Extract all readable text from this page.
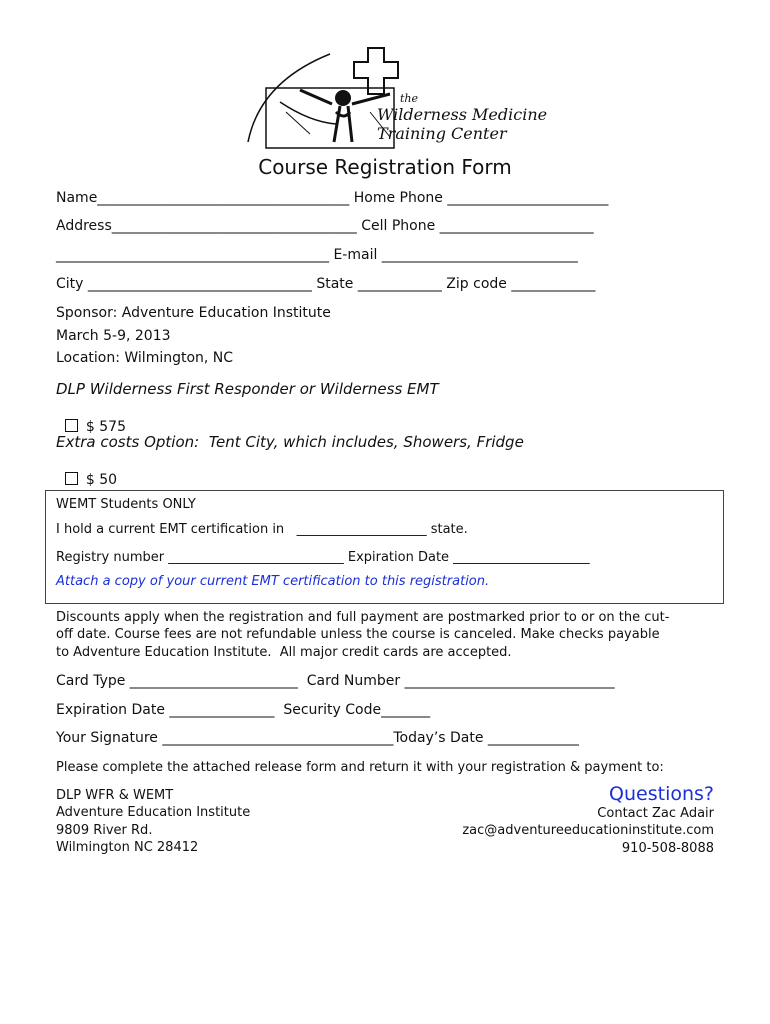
the
Wilderness Medicine
Training Center
Course Registration Form
Name____________________________________ Home Phone _______________________
Address___________________________________ Cell Phone ______________________
_______________________________________ E-mail ____________________________
City ________________________________ State ____________ Zip code ____________
Sponsor: Adventure Education Institute
March 5-9, 2013
Location: Wilmington, NC
DLP Wilderness First Responder or Wilderness EMT

$ 575

Extra costs Option:  Tent City, which includes, Showers, Fridge

$ 50

WEMT Students ONLY
I hold a current EMT certification in   ____________________ state.
Registry number ___________________________ Expiration Date _____________________
Attach a copy of your current EMT certification to this registration.
Discounts apply when the registration and full payment are postmarked prior to or on the cut-
off date. Course fees are not refundable unless the course is canceled. Make checks payable
to Adventure Education Institute.  All major credit cards are accepted.
Card Type ________________________  Card Number ______________________________
Expiration Date _______________  Security Code_______
Your Signature _________________________________Today’s Date _____________
Please complete the attached release form and return it with your registration & payment to:
DLP WFR & WEMT
Adventure Education Institute
9809 River Rd.
Wilmington NC 28412
Questions?
Contact Zac Adair
zac@adventureeducationinstitute.com
910-508-8088
